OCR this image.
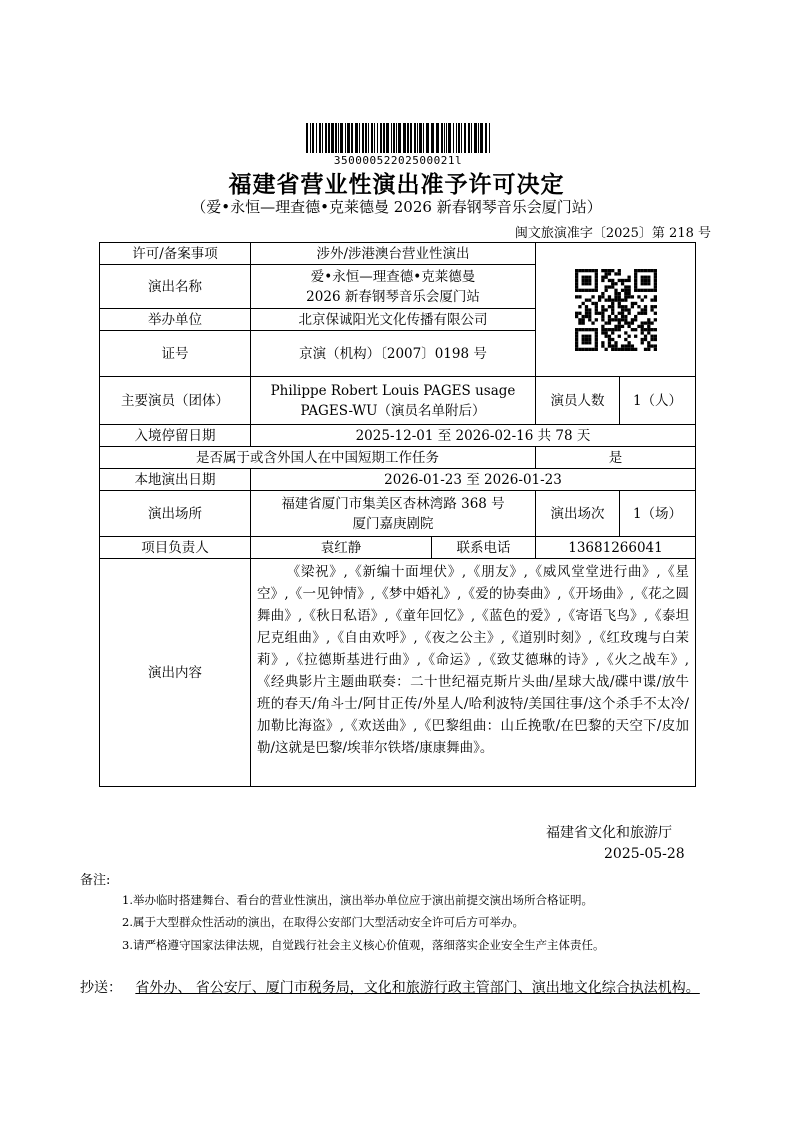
35000052202500021l
福建省营业性演出准予许可决定
（爱•永恒—理查德•克莱德曼 2026 新春钢琴音乐会厦门站）
闽文旅演准字〔2025〕第 218 号
许可/备案事项	涉外/涉港澳台营业性演出	

演出名称	爱•永恒—理查德•克莱德曼
2026 新春钢琴音乐会厦门站			
举办单位	北京保诚阳光文化传播有限公司			
证号	京演（机构）〔2007〕0198 号			
主要演员（团体）	Philippe Robert Louis PAGES usage
PAGES-WU（演员名单附后）		演员人数	1（人）
入境停留日期	2025-12-01 至 2026-02-16 共 78 天			
是否属于或含外国人在中国短期工作任务			是	
本地演出日期	2026-01-23 至 2026-01-23			
演出场所	福建省厦门市集美区杏林湾路 368 号
厦门嘉庚剧院		演出场次	1（场）
项目负责人	袁红静	联系电话	13681266041	
演出内容	《梁祝》,《新编十面埋伏》,《朋友》,《威风堂堂进行曲》,《星空》,《一见钟情》,《梦中婚礼》,《爱的协奏曲》,《开场曲》,《花之圆舞曲》,《秋日私语》,《童年回忆》,《蓝色的爱》,《寄语飞鸟》,《泰坦尼克组曲》,《自由欢呼》,《夜之公主》,《道别时刻》,《红玫瑰与白茉莉》,《拉德斯基进行曲》,《命运》,《致艾德琳的诗》,《火之战车》,《经典影片主题曲联奏：二十世纪福克斯片头曲/星球大战/碟中谍/放牛班的春天/角斗士/阿甘正传/外星人/哈利波特/美国往事/这个杀手不太冷/加勒比海盗》,《欢送曲》,《巴黎组曲：山丘挽歌/在巴黎的天空下/皮加勒/这就是巴黎/埃菲尔铁塔/康康舞曲》。			
福建省文化和旅游厅
2025-05-28
备注:
1.举办临时搭建舞台、看台的营业性演出，演出举办单位应于演出前提交演出场所合格证明。
2.属于大型群众性活动的演出，在取得公安部门大型活动安全许可后方可举办。
3.请严格遵守国家法律法规，自觉践行社会主义核心价值观，落细落实企业安全生产主体责任。
抄送： 省外办、 省公安厅、厦门市税务局，文化和旅游行政主管部门、演出地文化综合执法机构。
